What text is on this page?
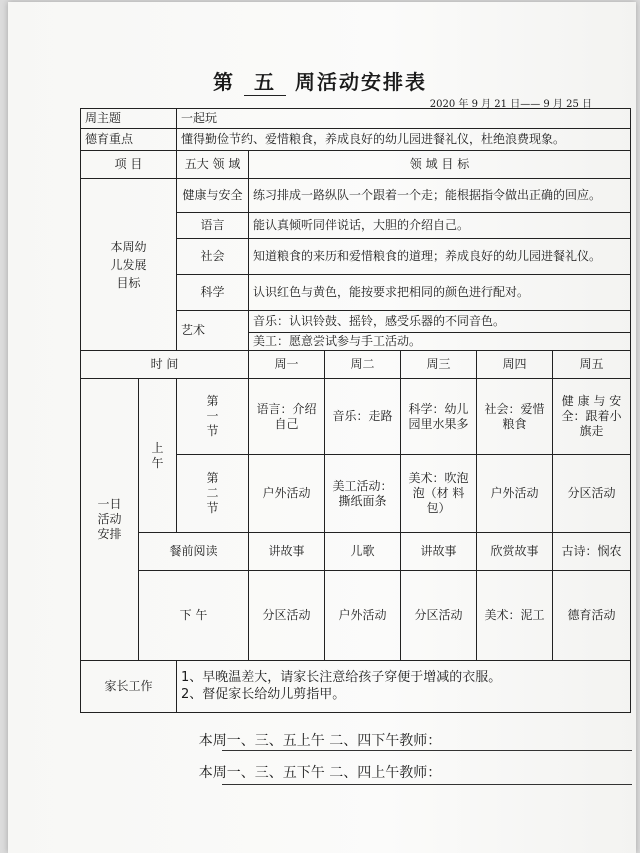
第 五 周活动安排表
2020 年 9 月 21 日—— 9 月 25 日
周主题		一起玩					
德育重点		懂得勤俭节约、爱惜粮食，养成良好的幼儿园进餐礼仪，杜绝浪费现象。					
项 目		五大 领 域	领 域 目 标				

本周幼儿发展目标		健康与安全	练习排成一路纵队一个跟着一个走；能根据指令做出正确的回应。				
		语言	能认真倾听同伴说话，大胆的介绍自己。				
		社会	知道粮食的来历和爱惜粮食的道理；养成良好的幼儿园进餐礼仪。				
		科学	认识红色与黄色，能按要求把相同的颜色进行配对。				
		艺术	音乐：认识铃鼓、摇铃，感受乐器的不同音色。				
			美工：愿意尝试参与手工活动。				
时 间			周一	周二	周三	周四	周五

一日活动安排	上午	第一节	语言：介绍自己	音乐：走路	科学：幼儿园里水果多	社会：爱惜粮食	健 康 与 安 全：跟着小旗走

		第二节	户外活动	美工活动：撕纸面条	美术：吹泡泡（材 料 包）	户外活动	分区活动
	餐前阅读		讲故事	儿歌	讲故事	欣赏故事	古诗：悯农
	下 午		分区活动	户外活动	分区活动	美术：泥工	德育活动
家长工作		1、早晚温差大，请家长注意给孩子穿便于增减的衣服。
2、督促家长给幼儿剪指甲。					
本周一、三、五上午 二、四下午教师：
本周一、三、五下午 二、四上午教师：
